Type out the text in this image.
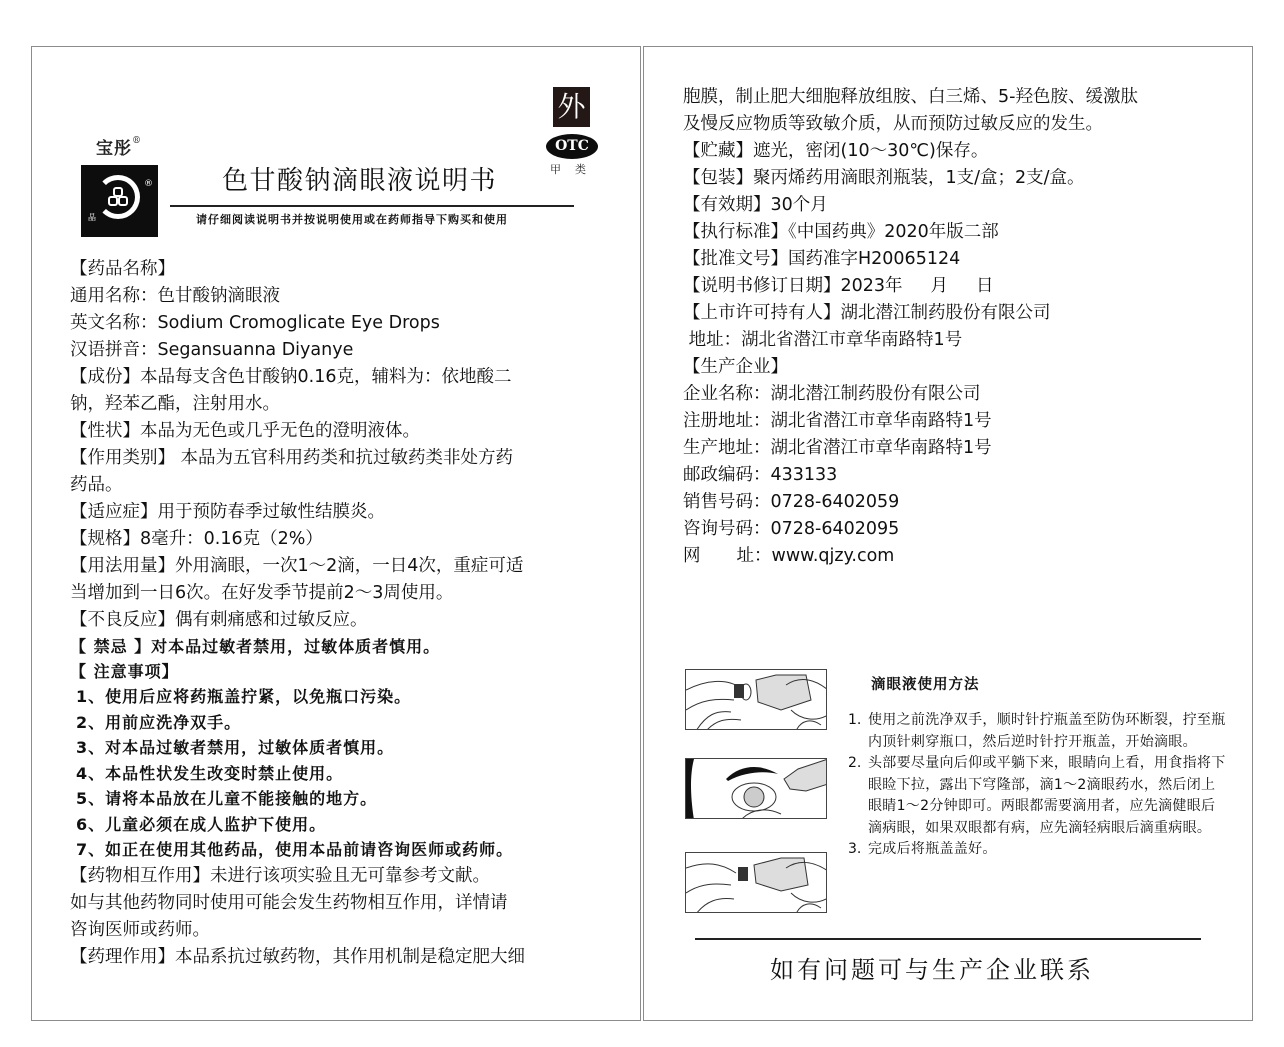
宝彤®
®
晶
外
OTC
甲类
色甘酸钠滴眼液说明书
请仔细阅读说明书并按说明使用或在药师指导下购买和使用
【药品名称】
通用名称：色甘酸钠滴眼液
英文名称：Sodium Cromoglicate Eye Drops
汉语拼音：Segansuanna Diyanye
【成份】本品每支含色甘酸钠0.16克，辅料为：依地酸二
钠，羟苯乙酯，注射用水。
【性状】本品为无色或几乎无色的澄明液体。
【作用类别】 本品为五官科用药类和抗过敏药类非处方药
药品。
【适应症】用于预防春季过敏性结膜炎。
【规格】8毫升：0.16克（2%）
【用法用量】外用滴眼，一次1～2滴，一日4次，重症可适
当增加到一日6次。在好发季节提前2～3周使用。
【不良反应】偶有刺痛感和过敏反应。
【 禁忌 】对本品过敏者禁用，过敏体质者慎用。
【 注意事项】
1、使用后应将药瓶盖拧紧，以免瓶口污染。
2、用前应洗净双手。
3、对本品过敏者禁用，过敏体质者慎用。
4、本品性状发生改变时禁止使用。
5、请将本品放在儿童不能接触的地方。
6、儿童必须在成人监护下使用。
7、如正在使用其他药品，使用本品前请咨询医师或药师。
【药物相互作用】未进行该项实验且无可靠参考文献。
如与其他药物同时使用可能会发生药物相互作用，详情请
咨询医师或药师。
【药理作用】本品系抗过敏药物，其作用机制是稳定肥大细
胞膜，制止肥大细胞释放组胺、白三烯、5-羟色胺、缓激肽
及慢反应物质等致敏介质，从而预防过敏反应的发生。
【贮藏】遮光，密闭(10～30℃)保存。
【包装】聚丙烯药用滴眼剂瓶装，1支/盒；2支/盒。
【有效期】30个月
【执行标准】《中国药典》2020年版二部
【批准文号】国药准字H20065124
【说明书修订日期】2023年 月 日
【上市许可持有人】湖北潜江制药股份有限公司
地址：湖北省潜江市章华南路特1号
【生产企业】
企业名称：湖北潜江制药股份有限公司
注册地址：湖北省潜江市章华南路特1号
生产地址：湖北省潜江市章华南路特1号
邮政编码：433133
销售号码：0728-6402059
咨询号码：0728-6402095
网 址：www.qjzy.com
滴眼液使用方法
1. 使用之前洗净双手，顺时针拧瓶盖至防伪环断裂，拧至瓶内顶针刺穿瓶口，然后逆时针拧开瓶盖，开始滴眼。
2. 头部要尽量向后仰或平躺下来，眼睛向上看，用食指将下眼睑下拉，露出下穹隆部，滴1～2滴眼药水，然后闭上眼睛1～2分钟即可。两眼都需要滴用者，应先滴健眼后滴病眼，如果双眼都有病，应先滴轻病眼后滴重病眼。
3. 完成后将瓶盖盖好。
如有问题可与生产企业联系
